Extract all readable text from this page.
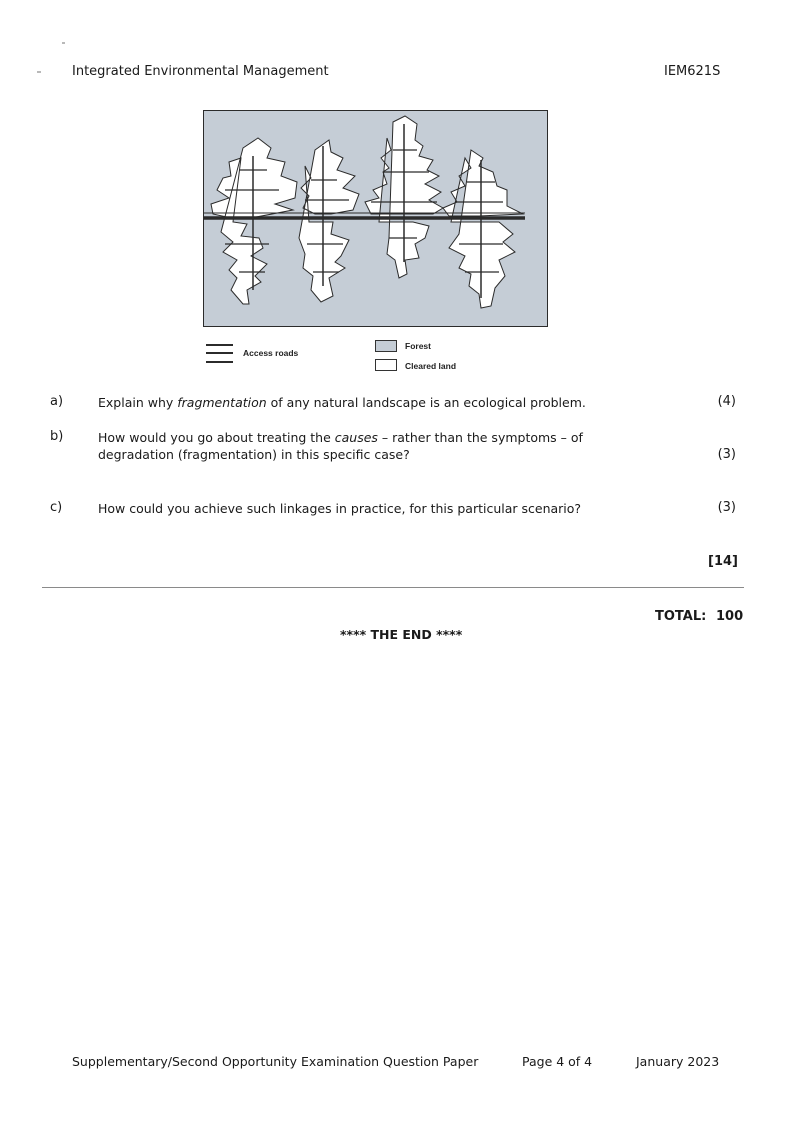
Integrated Environmental Management	IEM621S
Access roads
Forest
Cleared land
a)	Explain why fragmentation of any natural landscape is an ecological problem.	(4)
b)	How would you go about treating the causes – rather than the symptoms – of degradation (fragmentation) in this specific case?	(3)
c)	How could you achieve such linkages in practice, for this particular scenario?	(3)
[14]
TOTAL: 100
**** THE END ****
Supplementary/Second Opportunity Examination Question Paper	Page 4 of 4	January 2023
